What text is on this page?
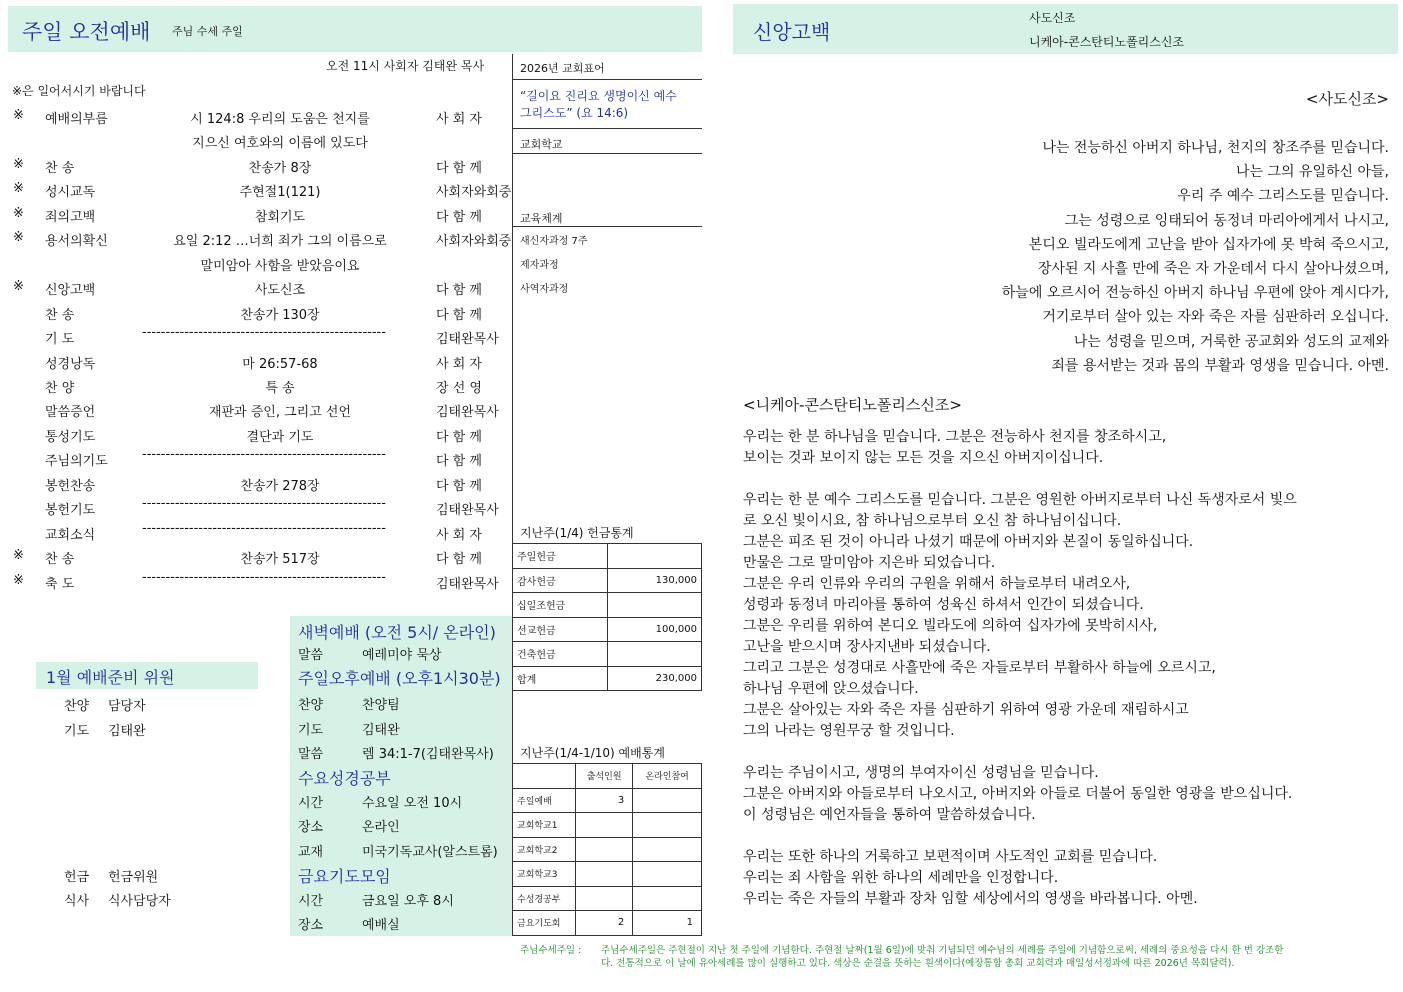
주일 오전예배 주님 수세 주일	신앙고백
사도신조
니케아-콘스탄티노폴리스신조
오전 11시 사회자 김태완 목사
※은 일어서시기 바랍니다
※ 예배의부름	시 124:8 우리의 도움은 천지를	사 회 자
지으신 여호와의 이름에 있도다
※ 찬 송	찬송가 8장	다 함 께
※ 성시교독	주현절1(121)	사회자와회중
※ 죄의고백	참회기도	다 함 께
※ 용서의확신	요일 2:12 …너희 죄가 그의 이름으로	사회자와회중
말미암아 사함을 받았음이요
※ 신앙고백	사도신조	다 함 께
찬 송	찬송가 130장	다 함 께
기 도	----------------------------------------------------	김태완목사
성경낭독	마 26:57-68	사 회 자
찬 양	특 송	장 선 영
말씀증언	재판과 증인, 그리고 선언	김태완목사
통성기도	결단과 기도	다 함 께
주님의기도	----------------------------------------------------	다 함 께
봉헌찬송	찬송가 278장	다 함 께
봉헌기도	----------------------------------------------------	김태완목사
교회소식	----------------------------------------------------	사 회 자
※ 찬 송	찬송가 517장	다 함 께
※ 축 도	----------------------------------------------------	김태완목사
2026년 교회표어
“길이요 진리요 생명이신 예수
그리스도” (요 14:6)
교회학교
교육체계
새신자과정 7주
제자과정
사역자과정
지난주(1/4) 헌금통계
주일헌금	
감사헌금	130,000
십일조헌금	
선교헌금	100,000
건축헌금	
합계	230,000
지난주(1/4-1/10) 예배통계
	출석인원	온라인참여
주일예배	3	
교회학교1		
교회학교2		
교회학교3		
수성경공부		
금요기도회	2	1
새벽예배 (오전 5시/ 온라인)
말씀	예레미야 묵상
주일오후예배 (오후1시30분)
찬양	찬양팀
기도	김태완
말씀	렘 34:1-7(김태완목사)
수요성경공부
시간	수요일 오전 10시
장소	온라인
교재	미국기독교사(알스트롬)
금요기도모임
시간	금요일 오후 8시
장소	예배실
1월 예배준비 위원
찬양 담당자
기도 김태완
헌금 헌금위원
식사 식사담당자
<사도신조>
나는 전능하신 아버지 하나님, 천지의 창조주를 믿습니다.
나는 그의 유일하신 아들,
우리 주 예수 그리스도를 믿습니다.
그는 성령으로 잉태되어 동정녀 마리아에게서 나시고,
본디오 빌라도에게 고난을 받아 십자가에 못 박혀 죽으시고,
장사된 지 사흘 만에 죽은 자 가운데서 다시 살아나셨으며,
하늘에 오르시어 전능하신 아버지 하나님 우편에 앉아 계시다가,
거기로부터 살아 있는 자와 죽은 자를 심판하러 오십니다.
나는 성령을 믿으며, 거룩한 공교회와 성도의 교제와
죄를 용서받는 것과 몸의 부활과 영생을 믿습니다. 아멘.
<니케아-콘스탄티노폴리스신조>
우리는 한 분 하나님을 믿습니다. 그분은 전능하사 천지를 창조하시고,
보이는 것과 보이지 않는 모든 것을 지으신 아버지이십니다.
우리는 한 분 예수 그리스도를 믿습니다. 그분은 영원한 아버지로부터 나신 독생자로서 빛으
로 오신 빛이시요, 참 하나님으로부터 오신 참 하나님이십니다.
그분은 피조 된 것이 아니라 나셨기 때문에 아버지와 본질이 동일하십니다.
만물은 그로 말미암아 지은바 되었습니다.
그분은 우리 인류와 우리의 구원을 위해서 하늘로부터 내려오사,
성령과 동정녀 마리아를 통하여 성육신 하셔서 인간이 되셨습니다.
그분은 우리를 위하여 본디오 빌라도에 의하여 십자가에 못박히시사,
고난을 받으시며 장사지낸바 되셨습니다.
그리고 그분은 성경대로 사흘만에 죽은 자들로부터 부활하사 하늘에 오르시고,
하나님 우편에 앉으셨습니다.
그분은 살아있는 자와 죽은 자를 심판하기 위하여 영광 가운데 재림하시고
그의 나라는 영원무궁 할 것입니다.
우리는 주님이시고, 생명의 부여자이신 성령님을 믿습니다.
그분은 아버지와 아들로부터 나오시고, 아버지와 아들로 더불어 동일한 영광을 받으십니다.
이 성령님은 예언자들을 통하여 말씀하셨습니다.
우리는 또한 하나의 거룩하고 보편적이며 사도적인 교회를 믿습니다.
우리는 죄 사함을 위한 하나의 세례만을 인정합니다.
우리는 죽은 자들의 부활과 장차 임할 세상에서의 영생을 바라봅니다. 아멘.
주님수세주일 : 주님수세주일은 주현절이 지난 첫 주일에 기념한다. 주현절 날짜(1월 6일)에 맞춰 기념되던 예수님의 세례를 주일에 기념함으로써, 세례의 중요성을 다시 한 번 강조한
다. 전통적으로 이 날에 유아세례를 많이 실행하고 있다. 색상은 순결을 뜻하는 흰색이다(예장통합 총회 교회력과 매일성서정과에 따른 2026년 목회달력).
